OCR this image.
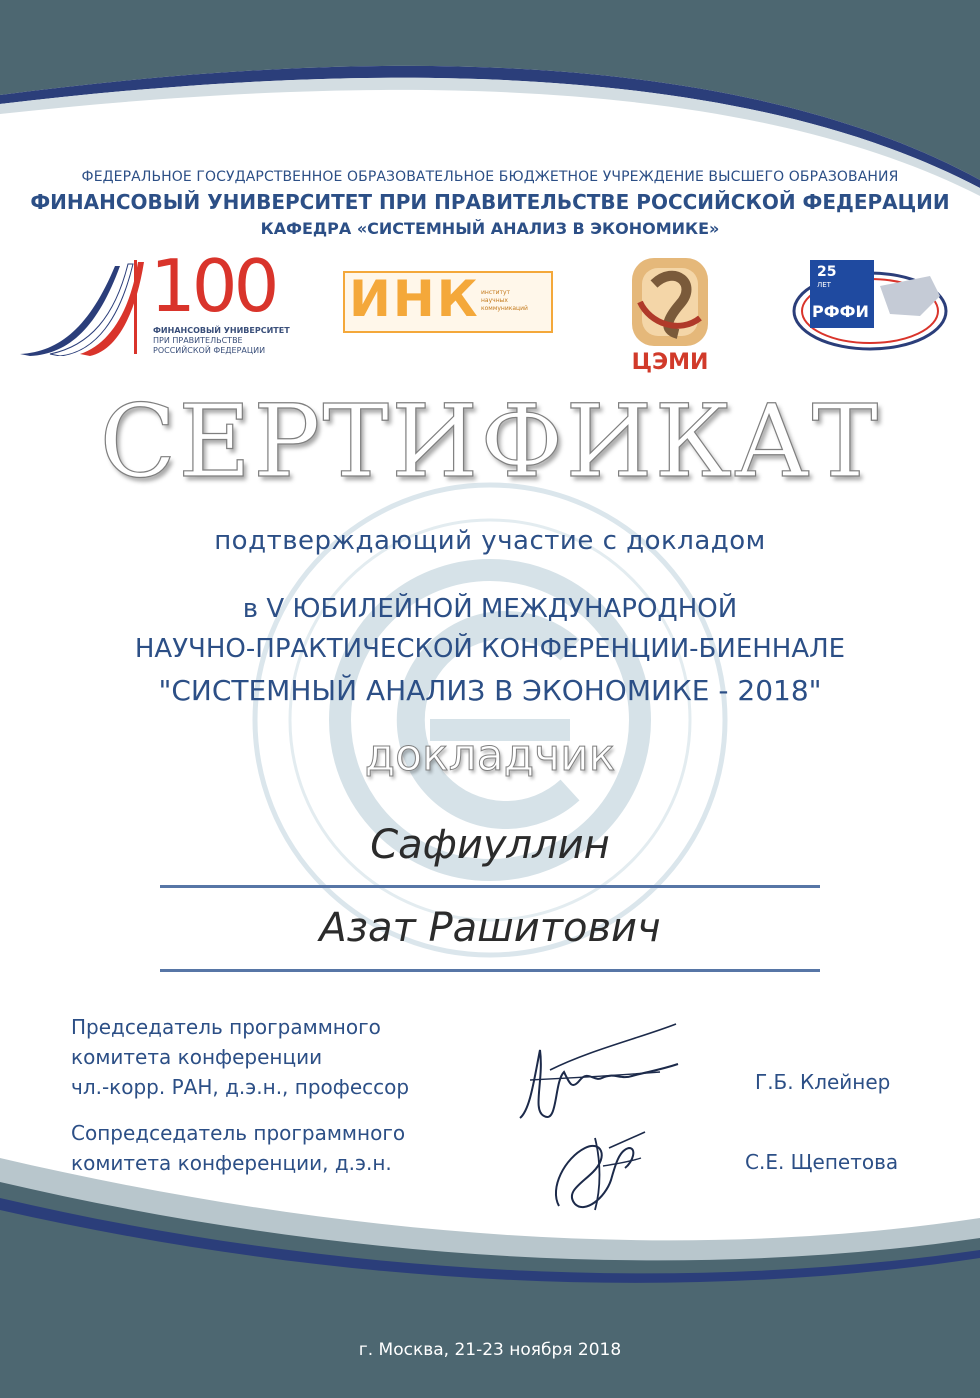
ФЕДЕРАЛЬНОЕ ГОСУДАРСТВЕННОЕ ОБРАЗОВАТЕЛЬНОЕ БЮДЖЕТНОЕ УЧРЕЖДЕНИЕ ВЫСШЕГО ОБРАЗОВАНИЯ
ФИНАНСОВЫЙ УНИВЕРСИТЕТ ПРИ ПРАВИТЕЛЬСТВЕ РОССИЙСКОЙ ФЕДЕРАЦИИ
КАФЕДРА «СИСТЕМНЫЙ АНАЛИЗ В ЭКОНОМИКЕ»
100
ФИНАНСОВЫЙ УНИВЕРСИТЕТ
ПРИ ПРАВИТЕЛЬСТВЕ
РОССИЙСКОЙ ФЕДЕРАЦИИ
ИНК институт
научных
коммуникаций
ЦЭМИ
25
ЛЕТ
РФФИ
СЕРТИФИКАТ
подтверждающий участие с докладом
в V ЮБИЛЕЙНОЙ МЕЖДУНАРОДНОЙ
НАУЧНО-ПРАКТИЧЕСКОЙ КОНФЕРЕНЦИИ-БИЕННАЛЕ
"СИСТЕМНЫЙ АНАЛИЗ В ЭКОНОМИКЕ - 2018"
докладчик
Сафиуллин
Азат Рашитович
Председатель программного
комитета конференции
чл.-корр. РАН, д.э.н., профессор
Сопредседатель программного
комитета конференции, д.э.н.
Г.Б. Клейнер
С.Е. Щепетова
г. Москва, 21-23 ноября 2018
